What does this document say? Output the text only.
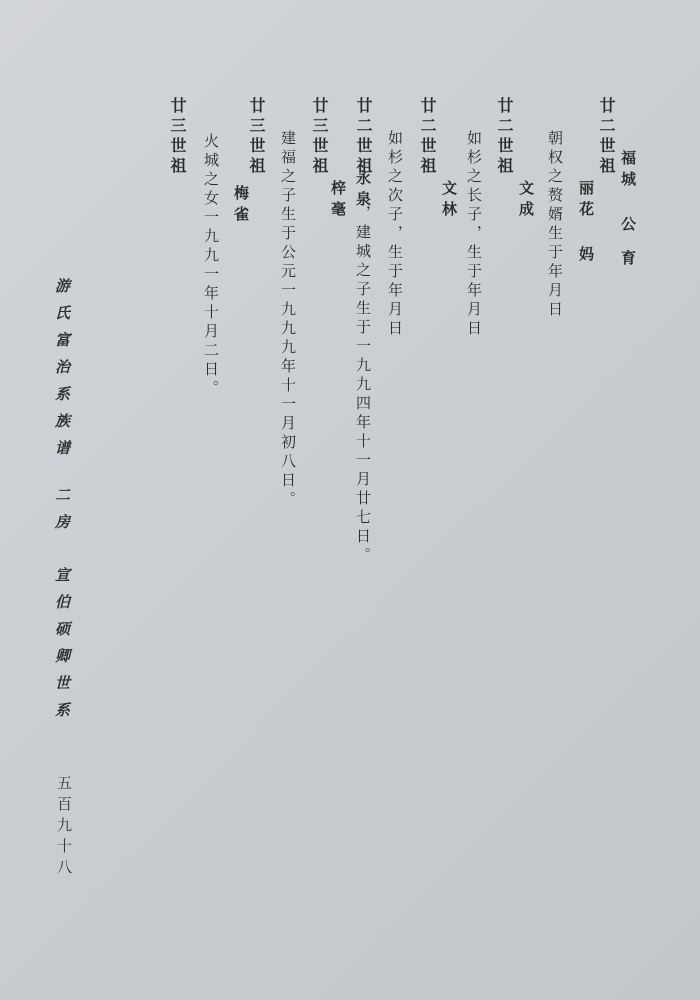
廿二世祖
福城 公
丽花 妈 育
朝权之赘婿生于年月日
廿二世祖
文成
如杉之长子，生于年月日
廿二世祖
文林
如杉之次子，生于年月日
廿二世祖
永泉
，建城之子生于一九九四年十一月廿七日。
廿三世祖
梓毫
建福之子生于公元一九九九年十一月初八日。
廿三世祖
梅雀
火城之女一九九一年十月二日。
廿三世祖
游氏富治系族谱
二房
宣伯硕卿世系
五百九十八
